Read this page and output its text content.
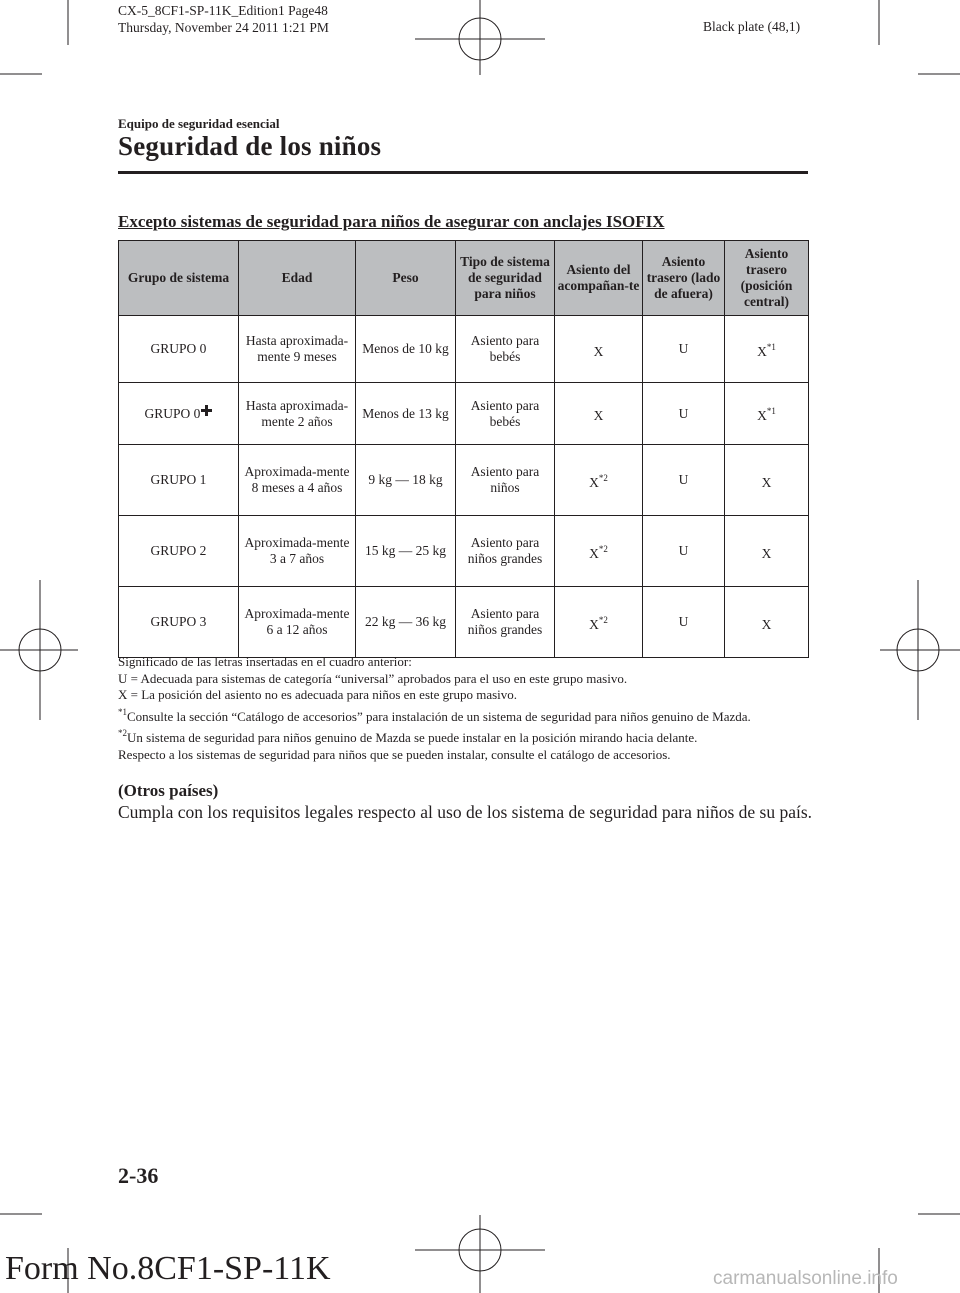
CX-5_8CF1-SP-11K_Edition1 Page48
Thursday, November 24 2011 1:21 PM	Black plate (48,1)
Equipo de seguridad esencial
Seguridad de los niños
Excepto sistemas de seguridad para niños de asegurar con anclajes ISOFIX
Grupo de sistema	Edad	Peso	Tipo de sistema de seguridad para niños	Asiento del acompañan-te	Asiento trasero (lado de afuera)	Asiento trasero (posición central)
GRUPO 0	Hasta aproximada-mente 9 meses	Menos de 10 kg	Asiento para bebés	X	U	$X^{*1}$
GRUPO 0	Hasta aproximada-mente 2 años	Menos de 13 kg	Asiento para bebés	X	U	$X^{*1}$
GRUPO 1	Aproximada-mente 8 meses a 4 años	9 kg ― 18 kg	Asiento para niños	$X^{*2}$	U	X
GRUPO 2	Aproximada-mente 3 a 7 años	15 kg ― 25 kg	Asiento para niños grandes	$X^{*2}$	U	X
GRUPO 3	Aproximada-mente 6 a 12 años	22 kg ― 36 kg	Asiento para niños grandes	$X^{*2}$	U	X
Significado de las letras insertadas en el cuadro anterior:
U = Adecuada para sistemas de categoría “universal” aprobados para el uso en este grupo masivo.
X = La posición del asiento no es adecuada para niños en este grupo masivo.
$^{*1}$Consulte la sección “Catálogo de accesorios” para instalación de un sistema de seguridad para niños genuino de Mazda.
$^{*2}$Un sistema de seguridad para niños genuino de Mazda se puede instalar en la posición mirando hacia delante.
Respecto a los sistemas de seguridad para niños que se pueden instalar, consulte el catálogo de accesorios.
(Otros países)
Cumpla con los requisitos legales respecto al uso de los sistema de seguridad para niños de su país.
2-36
Form No.8CF1-SP-11K	carmanualsonline.info
